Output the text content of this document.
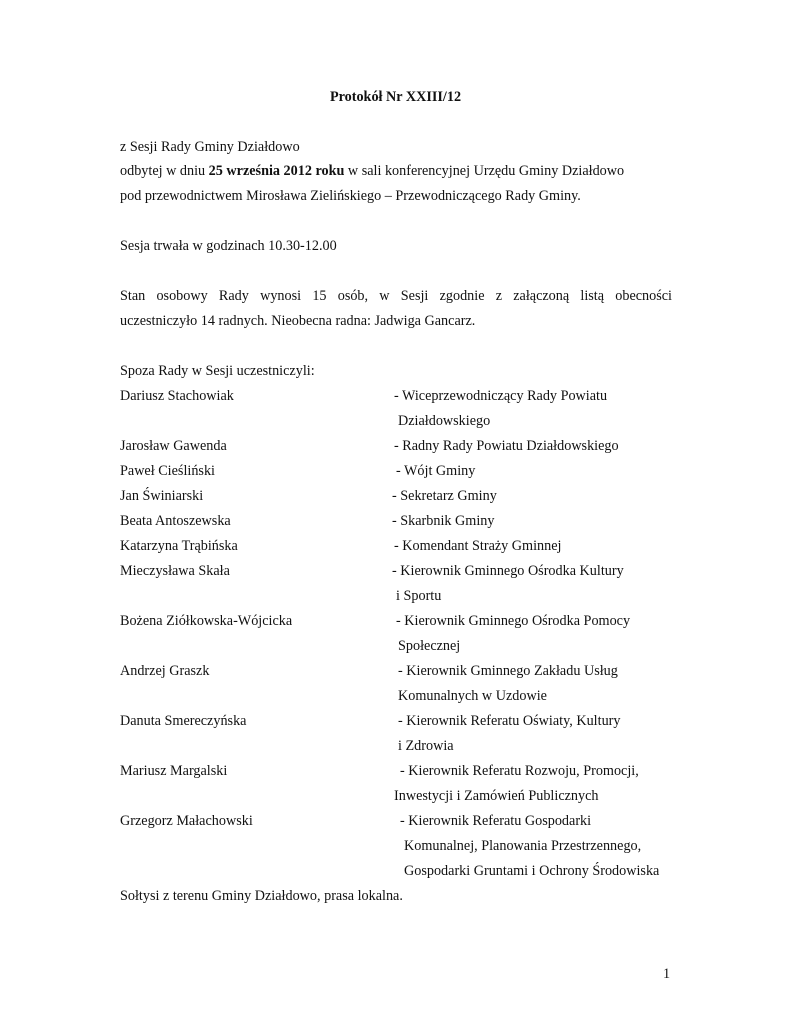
Protokół Nr XXIII/12
z Sesji Rady Gminy Działdowo
odbytej w dniu 25 września 2012 roku w sali konferencyjnej Urzędu Gminy Działdowo
pod przewodnictwem Mirosława Zielińskiego – Przewodniczącego Rady Gminy.
Sesja trwała w godzinach 10.30-12.00
Stan osobowy Rady wynosi 15 osób, w Sesji zgodnie z załączoną listą obecności
uczestniczyło 14 radnych. Nieobecna radna: Jadwiga Gancarz.
Spoza Rady w Sesji uczestniczyli:
Dariusz Stachowiak	- Wiceprzewodniczący Rady Powiatu
Działdowskiego
Jarosław Gawenda	- Radny Rady Powiatu Działdowskiego
Paweł Cieśliński	- Wójt Gminy
Jan Świniarski	- Sekretarz Gminy
Beata Antoszewska	- Skarbnik Gminy
Katarzyna Trąbińska	- Komendant Straży Gminnej
Mieczysława Skała	- Kierownik Gminnego Ośrodka Kultury
i Sportu
Bożena Ziółkowska-Wójcicka	- Kierownik Gminnego Ośrodka Pomocy
Społecznej
Andrzej Graszk	- Kierownik Gminnego Zakładu Usług
Komunalnych w Uzdowie
Danuta Smereczyńska	- Kierownik Referatu Oświaty, Kultury
i Zdrowia
Mariusz Margalski	- Kierownik Referatu Rozwoju, Promocji,
Inwestycji i Zamówień Publicznych
Grzegorz Małachowski	- Kierownik Referatu Gospodarki
Komunalnej, Planowania Przestrzennego,
Gospodarki Gruntami i Ochrony Środowiska
Sołtysi z terenu Gminy Działdowo, prasa lokalna.
1
